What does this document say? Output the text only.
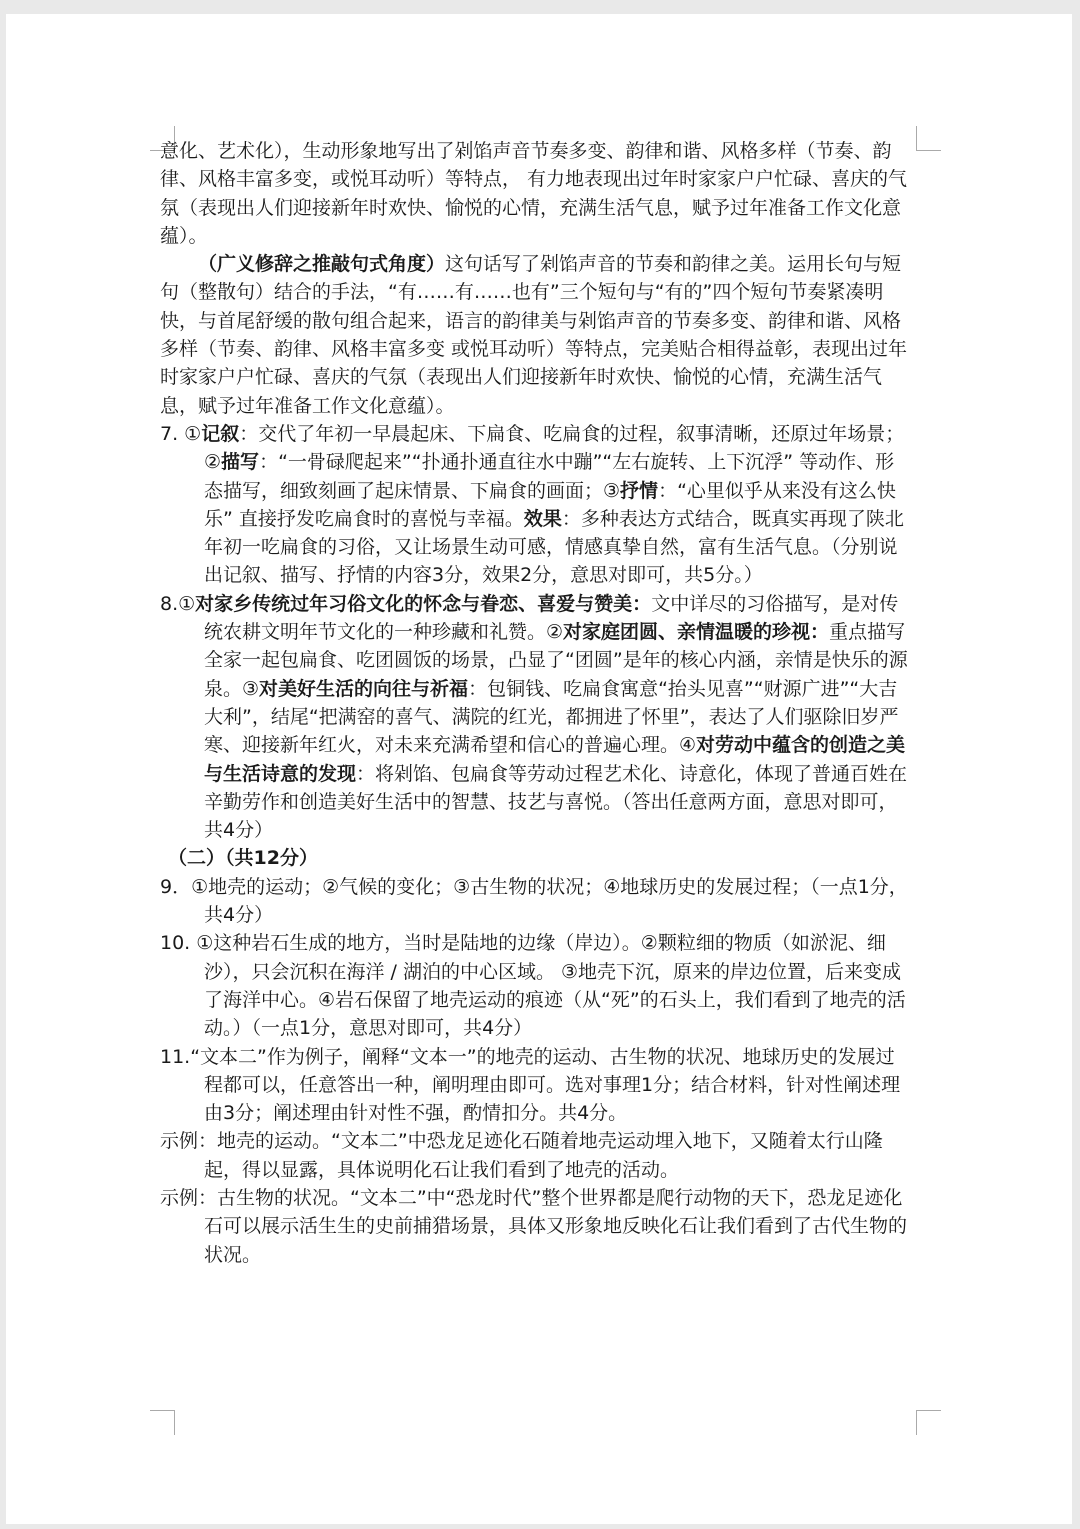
意化、艺术化），生动形象地写出了剁馅声音节奏多变、韵律和谐、风格多样（节奏、韵律、风格丰富多变，或悦耳动听）等特点， 有力地表现出过年时家家户户忙碌、喜庆的气氛（表现出人们迎接新年时欢快、愉悦的心情，充满生活气息，赋予过年准备工作文化意蕴）。

（广义修辞之推敲句式角度）这句话写了剁馅声音的节奏和韵律之美。运用长句与短句（整散句）结合的手法，“有……有……也有”三个短句与“有的”四个短句节奏紧凑明快，与首尾舒缓的散句组合起来，语言的韵律美与剁馅声音的节奏多变、韵律和谐、风格多样（节奏、韵律、风格丰富多变 或悦耳动听）等特点，完美贴合相得益彰，表现出过年时家家户户忙碌、喜庆的气氛（表现出人们迎接新年时欢快、愉悦的心情，充满生活气息，赋予过年准备工作文化意蕴）。

7. ①记叙：交代了年初一早晨起床、下扁食、吃扁食的过程，叙事清晰，还原过年场景；②描写：“一骨碌爬起来”“扑通扑通直往水中蹦”“左右旋转、上下沉浮” 等动作、形态描写，细致刻画了起床情景、下扁食的画面；③抒情：“心里似乎从来没有这么快乐” 直接抒发吃扁食时的喜悦与幸福。效果：多种表达方式结合，既真实再现了陕北年初一吃扁食的习俗，又让场景生动可感，情感真挚自然，富有生活气息。（分别说出记叙、描写、抒情的内容3分，效果2分，意思对即可，共5分。）

8.①对家乡传统过年习俗文化的怀念与眷恋、喜爱与赞美：文中详尽的习俗描写，是对传统农耕文明年节文化的一种珍藏和礼赞。②对家庭团圆、亲情温暖的珍视：重点描写全家一起包扁食、吃团圆饭的场景，凸显了“团圆”是年的核心内涵，亲情是快乐的源泉。③对美好生活的向往与祈福：包铜钱、吃扁食寓意“抬头见喜”“财源广进”“大吉大利”，结尾“把满窑的喜气、满院的红光，都拥进了怀里”，表达了人们驱除旧岁严寒、迎接新年红火，对未来充满希望和信心的普遍心理。④对劳动中蕴含的创造之美与生活诗意的发现：将剁馅、包扁食等劳动过程艺术化、诗意化，体现了普通百姓在辛勤劳作和创造美好生活中的智慧、技艺与喜悦。（答出任意两方面，意思对即可，共4分）

（二）（共12分）

9．①地壳的运动；②气候的变化；③古生物的状况；④地球历史的发展过程；（一点1分，共4分）

10. ①这种岩石生成的地方，当时是陆地的边缘（岸边）。②颗粒细的物质（如淤泥、细沙），只会沉积在海洋 / 湖泊的中心区域。 ③地壳下沉，原来的岸边位置，后来变成了海洋中心。④岩石保留了地壳运动的痕迹（从“死”的石头上，我们看到了地壳的活动。）（一点1分，意思对即可，共4分）

11.“文本二”作为例子，阐释“文本一”的地壳的运动、古生物的状况、地球历史的发展过程都可以，任意答出一种，阐明理由即可。选对事理1分；结合材料，针对性阐述理由3分；阐述理由针对性不强，酌情扣分。共4分。

示例：地壳的运动。“文本二”中恐龙足迹化石随着地壳运动埋入地下，又随着太行山隆起，得以显露，具体说明化石让我们看到了地壳的活动。

示例：古生物的状况。“文本二”中“恐龙时代”整个世界都是爬行动物的天下，恐龙足迹化石可以展示活生生的史前捕猎场景，具体又形象地反映化石让我们看到了古代生物的状况。
